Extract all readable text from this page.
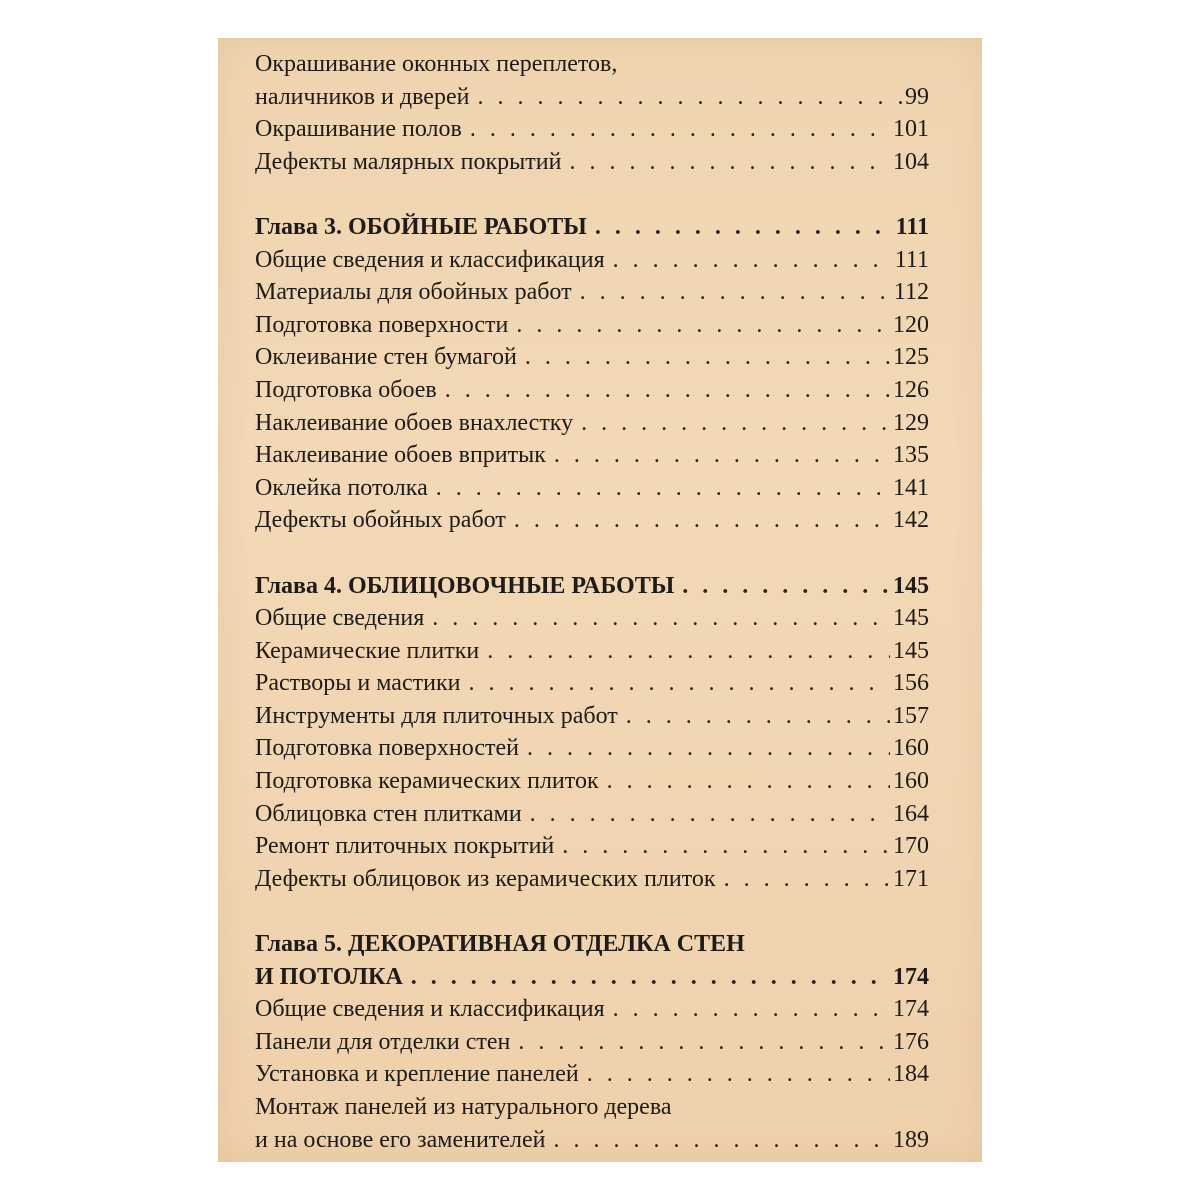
Окрашивание оконных переплетов,
наличников и дверей . . .	99
Окрашивание полов . . .	101
Дефекты малярных покрытий . . .	104
Глава 3. ОБОЙНЫЕ РАБОТЫ . . .	111
Общие сведения и классификация . . .	111
Материалы для обойных работ . . .	112
Подготовка поверхности . . .	120
Оклеивание стен бумагой . . .	125
Подготовка обоев . . .	126
Наклеивание обоев внахлестку . . .	129
Наклеивание обоев впритык . . .	135
Оклейка потолка . . .	141
Дефекты обойных работ . . .	142
Глава 4. ОБЛИЦОВОЧНЫЕ РАБОТЫ . . .	145
Общие сведения . . .	145
Керамические плитки . . .	145
Растворы и мастики . . .	156
Инструменты для плиточных работ . . .	157
Подготовка поверхностей . . .	160
Подготовка керамических плиток . . .	160
Облицовка стен плитками . . .	164
Ремонт плиточных покрытий . . .	170
Дефекты облицовок из керамических плиток . . .	171
Глава 5. ДЕКОРАТИВНАЯ ОТДЕЛКА СТЕН
И ПОТОЛКА . . .	174
Общие сведения и классификация . . .	174
Панели для отделки стен . . .	176
Установка и крепление панелей . . .	184
Монтаж панелей из натурального дерева
и на основе его заменителей . . .	189
